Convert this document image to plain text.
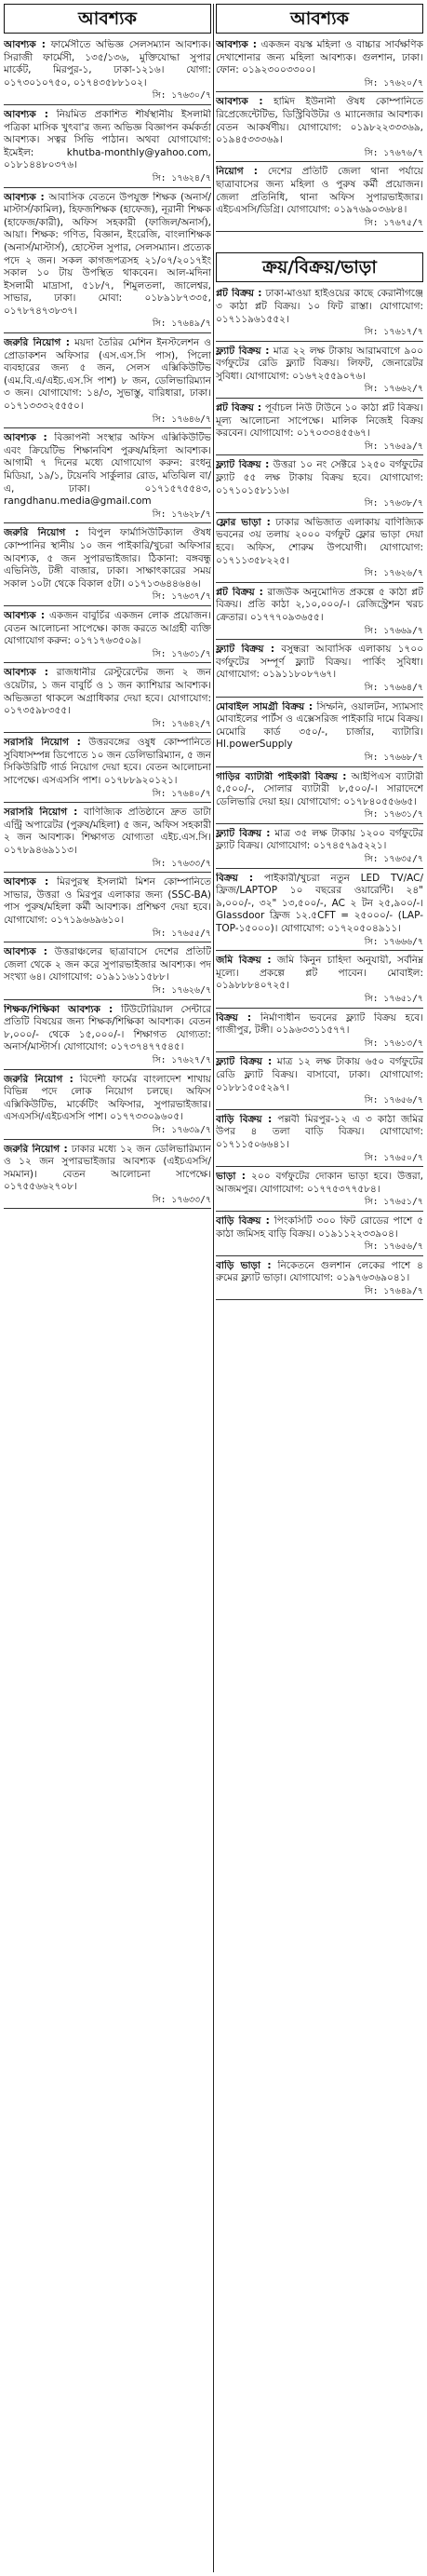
আবশ্যক
আবশ্যক : ফার্মেসীতে অভিজ্ঞ সেলসম্যান আবশ্যক। সিরাজী ফার্মেসী, ১৩৫/১৩৬, মুক্তিযোদ্ধা সুপার মার্কেট, মিরপুর-১, ঢাকা-১২১৬। যোগা: ০১৭৩০১০৭৫০, ০১৭৪৩৫৮৮১০২।
সি: ১৭৬৩০/৭
আবশ্যক : নিয়মিত প্রকাশিত শীর্ষস্থানীয় ইসলামী পত্রিকা মাসিক খুৎবা'র জন্য অভিজ্ঞ বিজ্ঞাপন কর্মকর্তা আবশ্যক। সত্বর সিভি পাঠান। অথবা যোগাযোগ: ইমেইল: khutba-monthly@yahoo.com, ০১৮১৪৪৮০৩৭৬।
সি: ১৭৬২৪/৭
আবশ্যক : আবাসিক বেতনে উপযুক্ত শিক্ষক (অনার্স/মাস্টার্স/কামিল), হিফজশিক্ষক (হাফেজ), নূরানী শিক্ষক (হাফেজ/কারী), অফিস সহকারী (ফাজিল/অনার্স), আয়া। শিক্ষক: গণিত, বিজ্ঞান, ইংরেজি, বাংলাশিক্ষক (অনার্স/মাস্টার্স), হোস্টেল সুপার, সেলসম্যান। প্রত্যেক পদে ২ জন। সকল কাগজপত্রসহ ২১/০৭/২০১৭ইং সকাল ১০ টায় উপস্থিত থাকবেন। আল-মদিনা ইসলামী মাদ্রাসা, ৫১৮/৭, শিমুলতলা, জালেশ্বর, সাভার, ঢাকা। মোবা: ০১৮৯১৮৭৩৩৫, ০১৭৮৭৪৭৩৮৩৭।
সি: ১৭৬৪৯/৭
জরুরি নিয়োগ : ময়দা তৈরির মেশিন ইনস্টলেশন ও প্রোডাকশন অফিসার (এস.এস.সি পাস), পিলো ব্যবহারের জন্য ৫ জন, সেলস এক্সিকিউটিভ (এম.বি.এ/এইচ.এস.সি পাশ) ৮ জন, ডেলিভারিম্যান ৩ জন। যোগাযোগ: ১৪/৩, সুভাস্তু, বারিধারা, ঢাকা। ০১৭১৩৩৩২৫৫৫০।
সি: ১৭৬৪৬/৭
আবশ্যক : বিজ্ঞাপনী সংস্থার অফিস এক্সিকিউটিভ এবং ক্রিয়েটিভ শিক্ষানবিশ পুরুষ/মহিলা আবশ্যক। আগামী ৭ দিনের মধ্যে যোগাযোগ করুন: রংধনু মিডিয়া, ১৯/১, টয়েনবি সার্কুলার রোড, মতিঝিল বা/এ, ঢাকা। ০১৭১৫৭৫৫৪৩, rangdhanu.media@gmail.com
সি: ১৭৬২৮/৭
জরুরি নিয়োগ : বিপুল ফার্মাসিউটিক্যাল ঔষধ কোম্পানির স্থানীয় ১০ জন পাইকারি/খুচরা অফিসার আবশ্যক, ৫ জন সুপারভাইজার। ঠিকানা: বঙ্গবন্ধু এভিনিউ, টঙ্গী বাজার, ঢাকা। সাক্ষাৎকারের সময় সকাল ১০টা থেকে বিকাল ৫টা। ০১৭১৩৬৪৪৬৪৬।
সি: ১৭৬৩৭/৭
আবশ্যক : একজন বাবুর্চির একজন লোক প্রয়োজন। বেতন আলোচনা সাপেক্ষে। কাজ করতে আগ্রহী ব্যক্তি যোগাযোগ করুন: ০১৭১৭৬৩৫০৯।
সি: ১৭৬৩১/৭
আবশ্যক : রাজধানীর রেস্টুরেন্টের জন্য ২ জন ওয়েটার, ১ জন বাবুর্চি ও ১ জন ক্যাশিয়ার আবশ্যক। অভিজ্ঞতা থাকলে অগ্রাধিকার দেয়া হবে। যোগাযোগ: ০১৭৩৫৯৮৩৫৫।
সি: ১৭৬৪২/৭
সরাসরি নিয়োগ : উত্তরবঙ্গের ওষুধ কোম্পানিতে সুবিধাসম্পন্ন ডিপোতে ১০ জন ডেলিভারিম্যান, ৫ জন সিকিউরিটি গার্ড নিয়োগ দেয়া হবে। বেতন আলোচনা সাপেক্ষে। এসএসসি পাশ। ০১৭৮৮৯২০১২১।
সি: ১৭৬৪০/৭
সরাসরি নিয়োগ : বাণিজ্যিক প্রতিষ্ঠানে দ্রুত ডাটা এন্ট্রি অপারেটর (পুরুষ/মহিলা) ৫ জন, অফিস সহকারী ২ জন আবশ্যক। শিক্ষাগত যোগ্যতা এইচ.এস.সি। ০১৭৮৯৪৬৯১১৩।
সি: ১৭৬৩৩/৭
আবশ্যক : মিরপুরস্থ ইসলামী মিশন কোম্পানিতে সাভার, উত্তরা ও মিরপুর এলাকার জন্য (SSC-BA) পাস পুরুষ/মহিলা কর্মী আবশ্যক। প্রশিক্ষণ দেয়া হবে। যোগাযোগ: ০১৭১৯৬৬৯৬১০।
সি: ১৭৬৫৫/৭
আবশ্যক : উত্তরাঞ্চলের ছাত্রাবাসে দেশের প্রতিটি জেলা থেকে ২ জন করে সুপারভাইজার আবশ্যক। পদ সংখ্যা ৬৪। যোগাযোগ: ০১৯১১৬১১৫৮৮।
সি: ১৭৬২৬/৭
শিক্ষক/শিক্ষিকা আবশ্যক : টিউটোরিয়াল সেন্টারে প্রতিটি বিষয়ের জন্য শিক্ষক/শিক্ষিকা আবশ্যক। বেতন ৮,০০০/- থেকে ১৫,০০০/-। শিক্ষাগত যোগ্যতা: অনার্স/মাস্টার্স। যোগাযোগ: ০১৭৩৭৪৭৭৫৪৫।
সি: ১৭৬২৭/৭
জরুরি নিয়োগ : বিদেশী ফার্মের বাংলাদেশ শাখায় বিভিন্ন পদে লোক নিয়োগ চলছে। অফিস এক্সিকিউটিভ, মার্কেটিং অফিসার, সুপারভাইজার। এসএসসি/এইচএসসি পাশ। ০১৭৭৩৩০৯৬০৫।
সি: ১৭৬৩৯/৭
জরুরি নিয়োগ : ঢাকার মধ্যে ১২ জন ডেলিভারিম্যান ও ১২ জন সুপারভাইজার আবশ্যক (এইচএসসি/সমমান)। বেতন আলোচনা সাপেক্ষে। ০১৭৫৫৬৬২৭০৮।
সি: ১৭৬৩৩/৭
আবশ্যক
আবশ্যক : একজন বয়স্ক মহিলা ও বাচ্চার সার্বক্ষণিক দেখাশোনার জন্য মহিলা আবশ্যক। গুলশান, ঢাকা। ফোন: ০১৯২৩০০৩৩০০।
সি: ১৭৬২০/৭
আবশ্যক : হামিদ ইউনানী ঔষধ কোম্পানিতে রিপ্রেজেন্টেটিভ, ডিস্ট্রিবিউটর ও ম্যানেজার আবশ্যক। বেতন আকর্ষণীয়। যোগাযোগ: ০১৯৮২২৩৩৩৬৯, ০১৯৪৫৩৩৩৬৯।
সি: ১৭৬৭৬/৭
নিয়োগ : দেশের প্রতিটি জেলা থানা পর্যায়ে ছাত্রাবাসের জন্য মহিলা ও পুরুষ কর্মী প্রয়োজন। জেলা প্রতিনিধি, থানা অফিস সুপারভাইজার। এইচএসসি/ডিগ্রি। যোগাযোগ: ০১৯৭৬৯০৩৬৮৪।
সি: ১৭৬৭৫/৭
ক্রয়/বিক্রয়/ভাড়া
প্লট বিক্রয় : ঢাকা-মাওয়া হাইওয়ের কাছে কেরানীগঞ্জে ৩ কাঠা প্লট বিক্রয়। ১০ ফিট রাস্তা। যোগাযোগ: ০১৭১১৯৬১৫৫২।
সি: ১৭৬১৭/৭
ফ্ল্যাট বিক্রয় : মাত্র ২২ লক্ষ টাকায় আরামবাগে ৯০০ বর্গফুটের রেডি ফ্ল্যাট বিক্রয়। লিফট, জেনারেটর সুবিধা। যোগাযোগ: ০১৬৭২৫৫৯০৭৬।
সি: ১৭৬৬২/৭
প্লট বিক্রয় : পূর্বাচল নিউ টাউনে ১০ কাঠা প্লট বিক্রয়। মূল্য আলোচনা সাপেক্ষে। মালিক নিজেই বিক্রয় করবেন। যোগাযোগ: ০১৭০৩৩৪৫৫৬৭।
সি: ১৭৬৫৯/৭
ফ্ল্যাট বিক্রয় : উত্তরা ১০ নং সেক্টরে ১২৫০ বর্গফুটের ফ্ল্যাট ৫৫ লক্ষ টাকায় বিক্রয় হবে। যোগাযোগ: ০১৭১০১৫৮১১৬।
সি: ১৭৬৩৮/৭
ফ্লোর ভাড়া : ঢাকার অভিজাত এলাকায় বাণিজ্যিক ভবনের ৩য় তলায় ২০০০ বর্গফুট ফ্লোর ভাড়া দেয়া হবে। অফিস, শোরুম উপযোগী। যোগাযোগ: ০১৭১১৩৫৮২২৫।
সি: ১৭৬২৬/৭
প্লট বিক্রয় : রাজউক অনুমোদিত প্রকল্পে ৫ কাঠা প্লট বিক্রয়। প্রতি কাঠা ২,১০,০০০/-। রেজিস্ট্রেশন খরচ ক্রেতার। ০১৭৭৭০৯৩৬৫৫।
সি: ১৭৬৬৯/৭
ফ্ল্যাট বিক্রয় : বসুন্ধরা আবাসিক এলাকায় ১৭০০ বর্গফুটের সম্পূর্ণ ফ্ল্যাট বিক্রয়। পার্কিং সুবিধা। যোগাযোগ: ০১৯১১৮০৮৭৬৭।
সি: ১৭৬৬৪/৭
মোবাইল সামগ্রী বিক্রয় : সিম্ফনি, ওয়ালটন, স্যামসাং মোবাইলের পার্টস ও এক্সেসরিজ পাইকারি দামে বিক্রয়। মেমোরি কার্ড ৩৫০/-, চার্জার, ব্যাটারি। HI.powerSupply
সি: ১৭৬৬৮/৭
গাড়ির ব্যাটারী পাইকারী বিক্রয় : আইপিএস ব্যাটারী ৫,৫০০/-, সোলার ব্যাটারী ৮,৫০০/-। সারাদেশে ডেলিভারি দেয়া হয়। যোগাযোগ: ০১৭৮৪০৫৫৬৬৫।
সি: ১৭৬৩১/৭
ফ্ল্যাট বিক্রয় : মাত্র ৩৫ লক্ষ টাকায় ১২০০ বর্গফুটের ফ্ল্যাট বিক্রয়। যোগাযোগ: ০১৭৪৫৭৯৫২২১।
সি: ১৭৬৩৫/৭
বিক্রয় : পাইকারী/খুচরা নতুন LED TV/AC/ফ্রিজ/LAPTOP ১০ বছরের ওয়ারেন্টি। ২৪" ৯,০০০/-, ৩২" ১৩,৫০০/-, AC ২ টন ২৫,৯০০/-। Glassdoor ফ্রিজ ১২.৫CFT = ২৫০০০/- (LAP-TOP-১৫০০০)। যোগাযোগ: ০১৭২০৫০৪৯১১।
সি: ১৭৬৬৬/৭
জমি বিক্রয় : জমি কিনুন চাহিদা অনুযায়ী, সর্বনিম্ন মূল্যে। প্রকল্পে প্লট পাবেন। মোবাইল: ০১৯৮৮৮৪০৭২৫।
সি: ১৭৬৫১/৭
বিক্রয় : নির্মাণাধীন ভবনের ফ্ল্যাট বিক্রয় হবে। গাজীপুর, টঙ্গী। ০১৯৬৩৩১১৫৭৭।
সি: ১৭৬১৩/৭
ফ্ল্যাট বিক্রয় : মাত্র ১২ লক্ষ টাকায় ৬৫০ বর্গফুটের রেডি ফ্ল্যাট বিক্রয়। বাসাবো, ঢাকা। যোগাযোগ: ০১৮৮১৫০৫২৯৭।
সি: ১৭৬৫৬/৭
বাড়ি বিক্রয় : পল্লবী মিরপুর-১২ এ ৩ কাঠা জমির উপর ৪ তলা বাড়ি বিক্রয়। যোগাযোগ: ০১৭১১৫০৬৬৪১।
সি: ১৭৬৫০/৭
ভাড়া : ২০০ বর্গফুটের দোকান ভাড়া হবে। উত্তরা, আজমপুর। যোগাযোগ: ০১৭৭৫৩৭৭৫৮৪।
সি: ১৭৬৫১/৭
বাড়ি বিক্রয় : পিংকসিটি ৩০০ ফিট রোডের পাশে ৫ কাঠা জমিসহ বাড়ি বিক্রয়। ০১৯১১২২৩৩৯০৪।
সি: ১৭৬৫৬/৭
বাড়ি ভাড়া : নিকেতনে গুলশান লেকের পাশে ৪ রুমের ফ্ল্যাট ভাড়া। যোগাযোগ: ০১৯৭৬৩৬৯০৪১।
সি: ১৭৬৪৯/৭
